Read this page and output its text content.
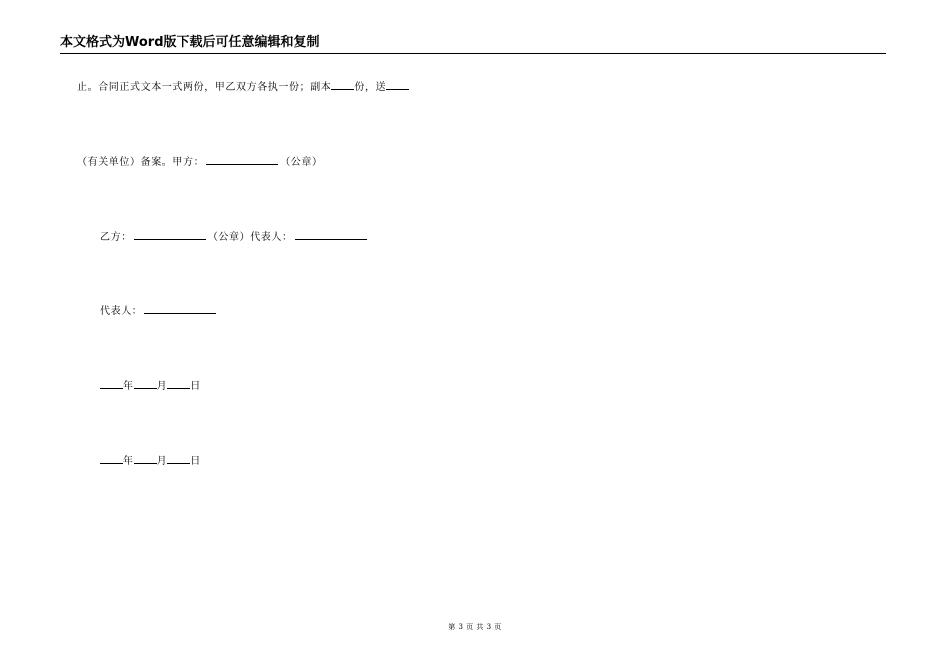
本文格式为Word版下载后可任意编辑和复制
止。合同正式文本一式两份，甲乙双方各执一份；副本 份，送
（有关单位）备案。甲方：	（公章）
乙方：	（公章）代表人：
代表人：
年 月 日
年 月 日
第 3 页 共 3 页
